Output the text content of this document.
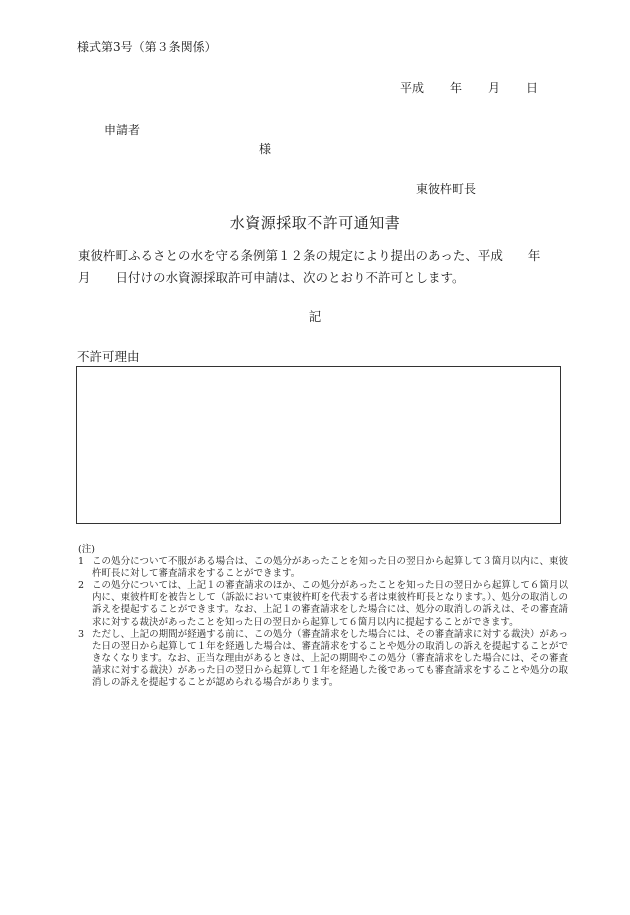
様式第3号（第３条関係）
平成 年 月 日
申請者
様
東彼杵町長
水資源採取不許可通知書
東彼杵町ふるさとの水を守る条例第１２条の規定により提出のあった、平成　　年
月　　日付けの水資源採取許可申請は、次のとおり不許可とします。
記
不許可理由
(注)
1 この処分について不服がある場合は、この処分があったことを知った日の翌日から起算して３箇月以内に、東彼杵町長に対して審査請求をすることができます。
2 この処分については、上記１の審査請求のほか、この処分があったことを知った日の翌日から起算して６箇月以内に、東彼杵町を被告として（訴訟において東彼杵町を代表する者は東彼杵町長となります。）、処分の取消しの訴えを提起することができます。なお、上記１の審査請求をした場合には、処分の取消しの訴えは、その審査請求に対する裁決があったことを知った日の翌日から起算して６箇月以内に提起することができます。
3 ただし、上記の期間が経過する前に、この処分（審査請求をした場合には、その審査請求に対する裁決）があった日の翌日から起算して１年を経過した場合は、審査請求をすることや処分の取消しの訴えを提起することができなくなります。なお、正当な理由があるときは、上記の期間やこの処分（審査請求をした場合には、その審査請求に対する裁決）があった日の翌日から起算して１年を経過した後であっても審査請求をすることや処分の取消しの訴えを提起することが認められる場合があります。
